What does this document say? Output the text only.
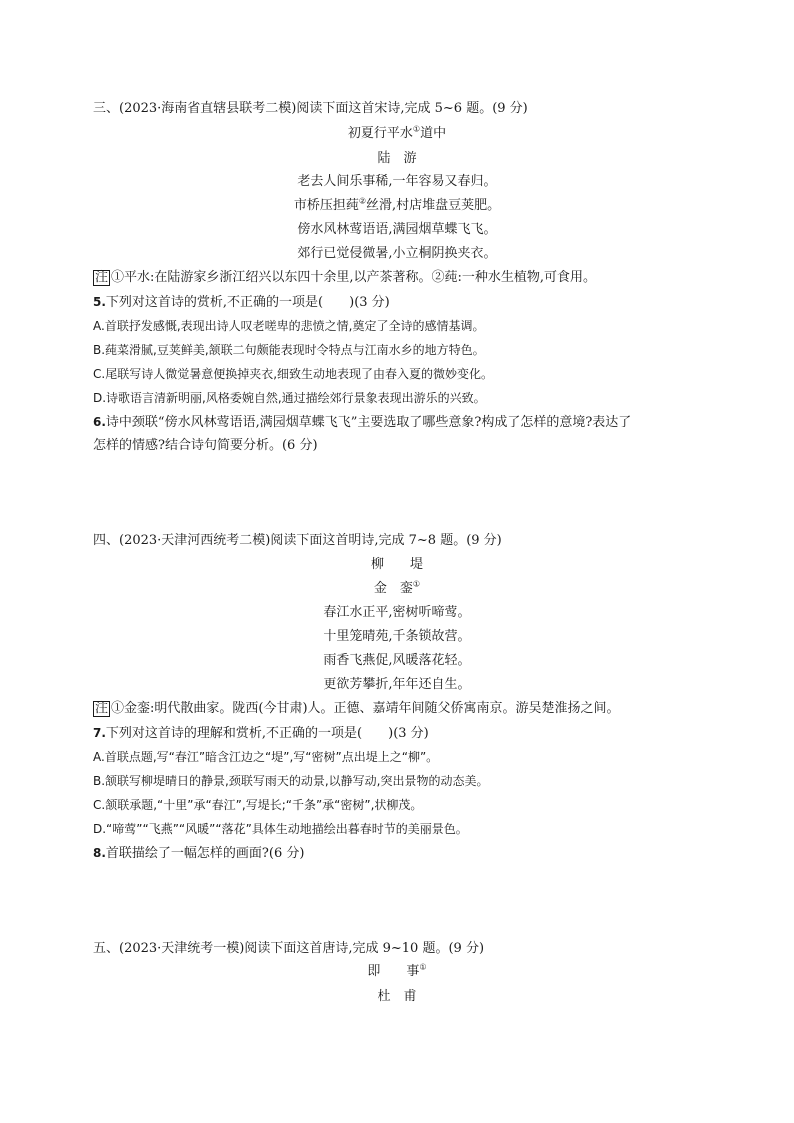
三、(2023·海南省直辖县联考二模)阅读下面这首宋诗,完成 5~6 题。(9 分)
初夏行平水①道中
陆　游
老去人间乐事稀,一年容易又春归。
市桥压担莼②丝滑,村店堆盘豆荚肥。
傍水风林莺语语,满园烟草蝶飞飞。
郊行已觉侵微暑,小立桐阴换夹衣。
注 ①平水:在陆游家乡浙江绍兴以东四十余里,以产茶著称。②莼:一种水生植物,可食用。
5.下列对这首诗的赏析,不正确的一项是(　　)(3 分)
A.首联抒发感慨,表现出诗人叹老嗟卑的悲愤之情,奠定了全诗的感情基调。
B.莼菜滑腻,豆荚鲜美,颔联二句颇能表现时令特点与江南水乡的地方特色。
C.尾联写诗人微觉暑意便换掉夹衣,细致生动地表现了由春入夏的微妙变化。
D.诗歌语言清新明丽,风格委婉自然,通过描绘郊行景象表现出游乐的兴致。
6.诗中颈联“傍水风林莺语语,满园烟草蝶飞飞”主要选取了哪些意象?构成了怎样的意境?表达了
怎样的情感?结合诗句简要分析。(6 分)
四、(2023·天津河西统考二模)阅读下面这首明诗,完成 7~8 题。(9 分)
柳　　堤
金　銮①
春江水正平,密树听啼莺。
十里笼晴苑,千条锁故营。
雨香飞燕促,风暖落花轻。
更欲芳攀折,年年还自生。
注 ①金銮:明代散曲家。陇西(今甘肃)人。正德、嘉靖年间随父侨寓南京。游吴楚淮扬之间。
7.下列对这首诗的理解和赏析,不正确的一项是(　　)(3 分)
A.首联点题,写“春江”暗含江边之“堤”,写“密树”点出堤上之“柳”。
B.颔联写柳堤晴日的静景,颈联写雨天的动景,以静写动,突出景物的动态美。
C.颔联承题,“十里”承“春江”,写堤长;“千条”承“密树”,状柳茂。
D.“啼莺”“飞燕”“风暖”“落花”具体生动地描绘出暮春时节的美丽景色。
8.首联描绘了一幅怎样的画面?(6 分)
五、(2023·天津统考一模)阅读下面这首唐诗,完成 9~10 题。(9 分)
即　　事①
杜　甫
